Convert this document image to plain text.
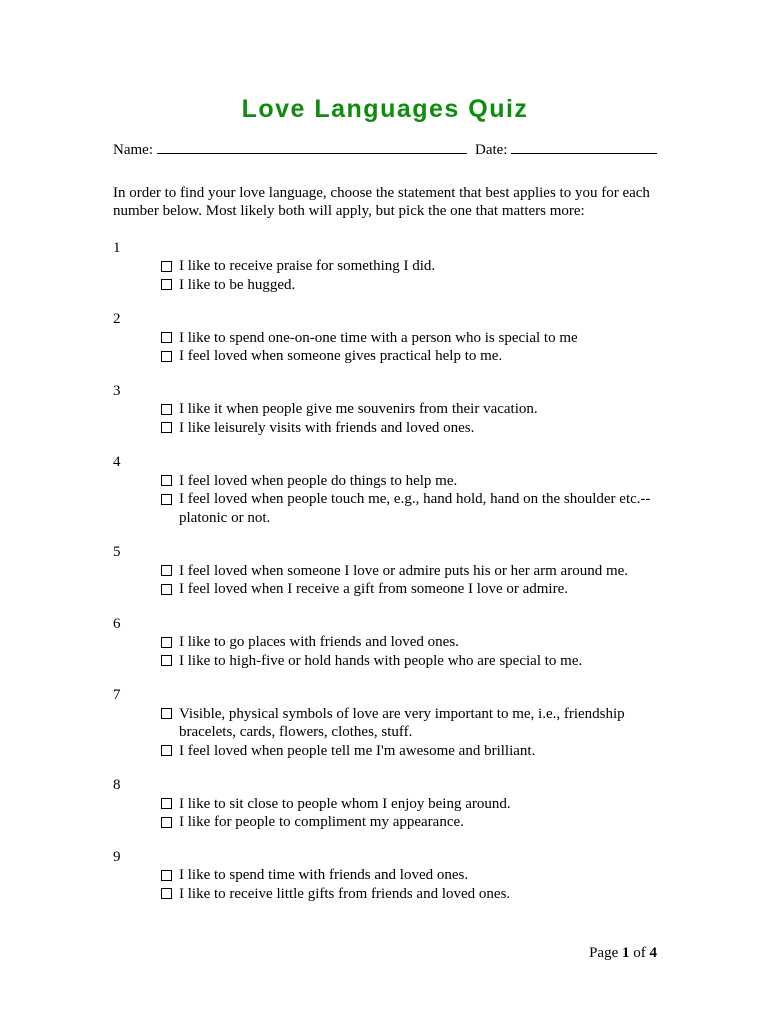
Love Languages Quiz
Name:	Date:
In order to find your love language, choose the statement that best applies to you for each
number below. Most likely both will apply, but pick the one that matters more:
1
I like to receive praise for something I did.
I like to be hugged.
2
I like to spend one-on-one time with a person who is special to me
I feel loved when someone gives practical help to me.
3
I like it when people give me souvenirs from their vacation.
I like leisurely visits with friends and loved ones.
4
I feel loved when people do things to help me.
I feel loved when people touch me, e.g., hand hold, hand on the shoulder etc.-- platonic or not.
5
I feel loved when someone I love or admire puts his or her arm around me.
I feel loved when I receive a gift from someone I love or admire.
6
I like to go places with friends and loved ones.
I like to high-five or hold hands with people who are special to me.
7
Visible, physical symbols of love are very important to me, i.e., friendship bracelets, cards, flowers, clothes, stuff.
I feel loved when people tell me I'm awesome and brilliant.
8
I like to sit close to people whom I enjoy being around.
I like for people to compliment my appearance.
9
I like to spend time with friends and loved ones.
I like to receive little gifts from friends and loved ones.
Page 1 of 4
